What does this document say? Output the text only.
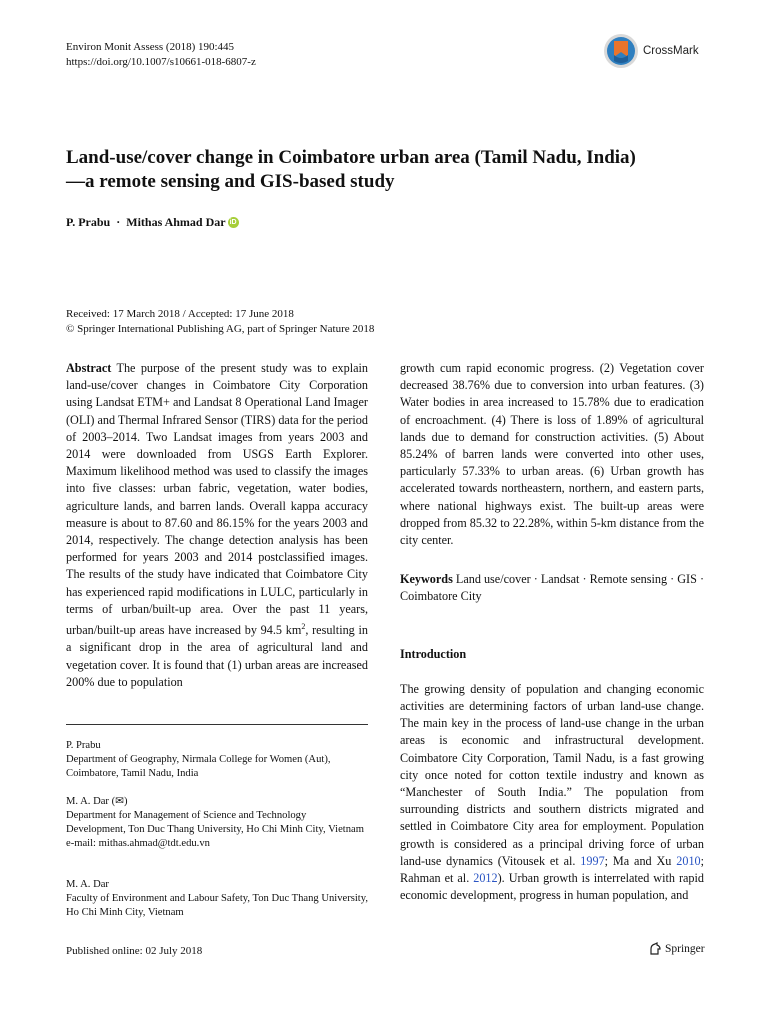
Environ Monit Assess (2018) 190:445
https://doi.org/10.1007/s10661-018-6807-z
CrossMark
Land-use/cover change in Coimbatore urban area (Tamil Nadu, India)—a remote sensing and GIS-based study
P. Prabu · Mithas Ahmad Dar iD
Received: 17 March 2018 / Accepted: 17 June 2018
© Springer International Publishing AG, part of Springer Nature 2018

Abstract The purpose of the present study was to explain land-use/cover changes in Coimbatore City Corporation using Landsat ETM+ and Landsat 8 Operational Land Imager (OLI) and Thermal Infrared Sensor (TIRS) data for the period of 2003–2014. Two Landsat images from years 2003 and 2014 were downloaded from USGS Earth Explorer. Maximum likelihood method was used to classify the images into five classes: urban fabric, vegetation, water bodies, agriculture lands, and barren lands. Overall kappa accuracy measure is about to 87.60 and 86.15% for the years 2003 and 2014, respectively. The change detection analysis has been performed for years 2003 and 2014 postclassified images. The results of the study have indicated that Coimbatore City has experienced rapid modifications in LULC, particularly in terms of urban/built-up area. Over the past 11 years, urban/built-up areas have increased by 94.5 $km^2$, resulting in a significant drop in the area of agricultural land and vegetation cover. It is found that (1) urban areas are increased 200% due to population

P. Prabu
Department of Geography, Nirmala College for Women (Aut), Coimbatore, Tamil Nadu, India
M. A. Dar (✉)
Department for Management of Science and Technology Development, Ton Duc Thang University, Ho Chi Minh City, Vietnam
e-mail: mithas.ahmad@tdt.edu.vn
M. A. Dar
Faculty of Environment and Labour Safety, Ton Duc Thang University, Ho Chi Minh City, Vietnam

growth cum rapid economic progress. (2) Vegetation cover decreased 38.76% due to conversion into urban features. (3) Water bodies in area increased to 15.78% due to eradication of encroachment. (4) There is loss of 1.89% of agricultural lands due to demand for construction activities. (5) About 85.24% of barren lands were converted into other uses, particularly 57.33% to urban areas. (6) Urban growth has accelerated towards northeastern, northern, and eastern parts, where national highways exist. The built-up areas were dropped from 85.32 to 22.28%, within 5-km distance from the city center.

Keywords Land use/cover · Landsat · Remote sensing · GIS · Coimbatore City

Introduction

The growing density of population and changing economic activities are determining factors of urban land-use change. The main key in the process of land-use change in the urban areas is economic and infrastructural development. Coimbatore City Corporation, Tamil Nadu, is a fast growing city once noted for cotton textile industry and known as “Manchester of South India.” The population from surrounding districts and southern districts migrated and settled in Coimbatore City area for employment. Population growth is considered as a principal driving force of urban land-use dynamics (Vitousek et al. 1997; Ma and Xu 2010; Rahman et al. 2012). Urban growth is interrelated with rapid economic development, progress in human population, and

Published online: 02 July 2018	Springer
